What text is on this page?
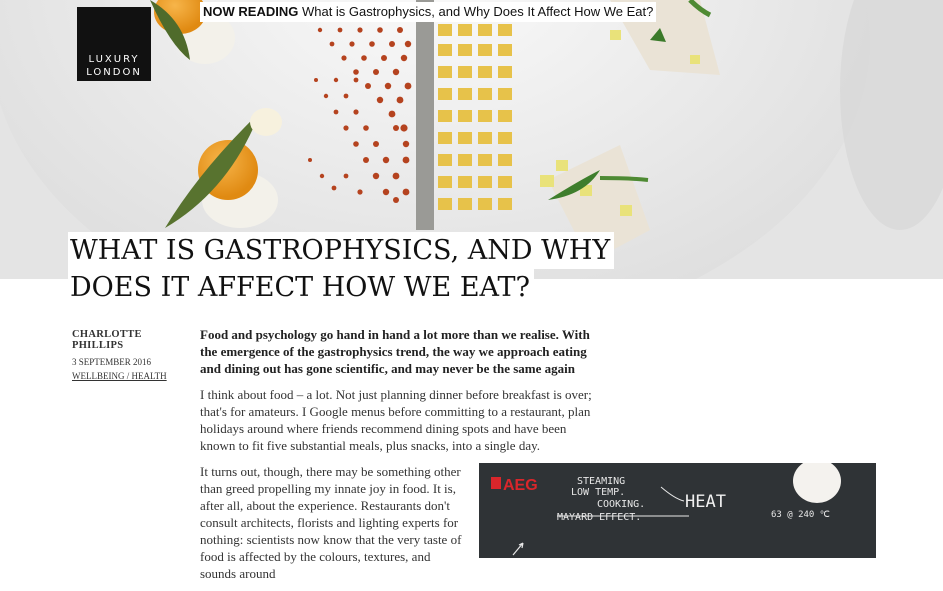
LUXURY
LONDON
NOW READING What is Gastrophysics, and Why Does It Affect How We Eat?
WHAT IS GASTROPHYSICS, AND WHY DOES IT AFFECT HOW WE EAT?
CHARLOTTE PHILLIPS
3 SEPTEMBER 2016
WELLBEING / HEALTH

Food and psychology go hand in hand a lot more than we realise. With the emergence of the gastrophysics trend, the way we approach eating and dining out has gone scientific, and may never be the same again

I think about food – a lot. Not just planning dinner before breakfast is over; that's for amateurs. I Google menus before committing to a restaurant, plan holidays around where friends recommend dining spots and have been known to fit five substantial meals, plus snacks, into a single day.

It turns out, though, there may be something other than greed propelling my innate joy in food. It is, after all, about the experience. Restaurants don't consult architects, florists and lighting experts for nothing: scientists now know that the very taste of food is affected by the colours, textures, and sounds around

AEG	STEAMING
LOW TEMP.
COOKING.
MAYARD EFFECT.
HEAT
63 @ 240 ℃
